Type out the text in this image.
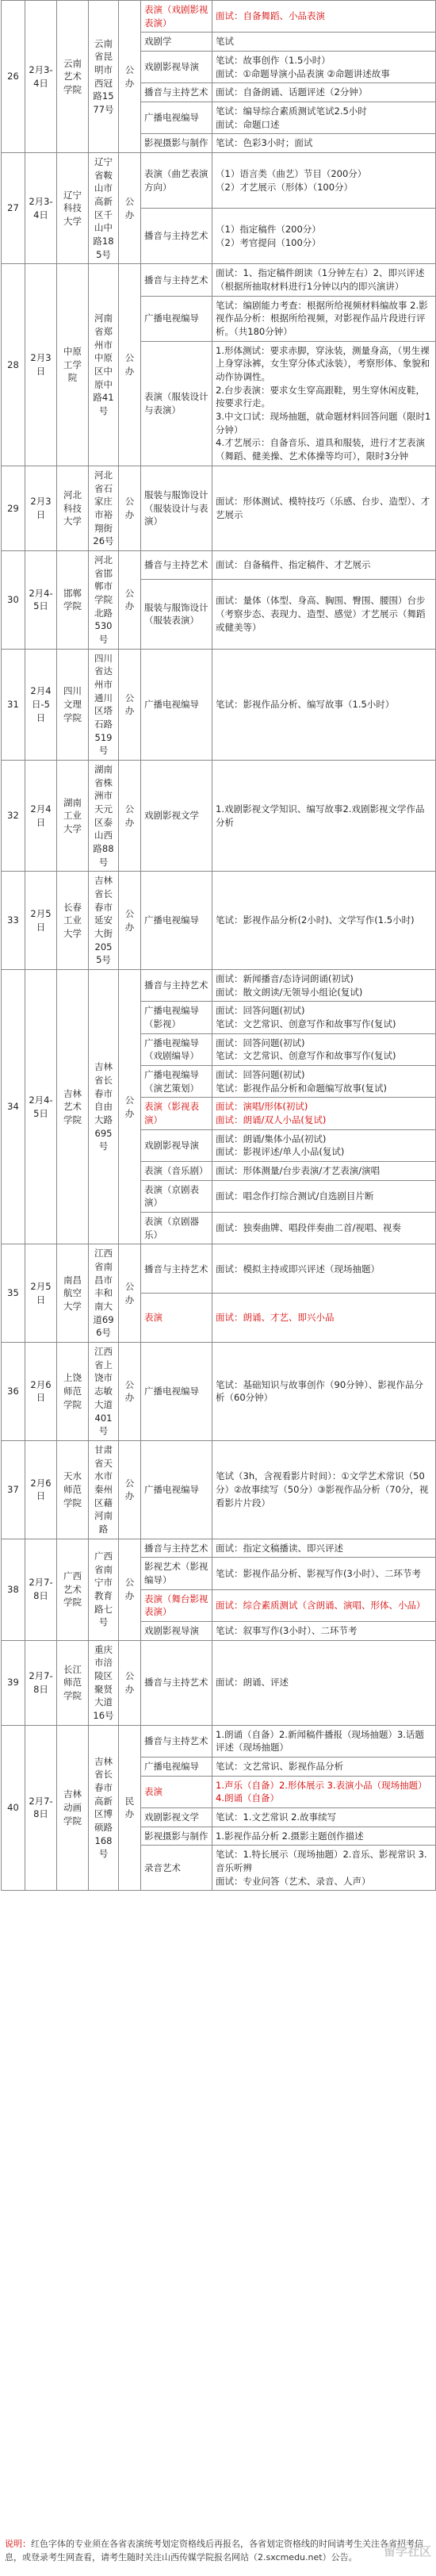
26	2月3-4日	云南艺术学院	云南省昆明市西冠路1577号	公办	表演（戏剧影视表演）	面试：自备舞蹈、小品表演

					戏剧学	笔试

					戏剧影视导演	笔试：故事创作（1.5小时）
面试：①命题导演小品表演 ②命题讲述故事

					播音与主持艺术	面试：自备朗诵、话题评述（2分钟）

					广播电视编导	笔试：编导综合素质测试笔试2.5小时
面试：命题口述

					影视摄影与制作	笔试：色彩3小时；面试

27	2月3-4日	辽宁科技大学	辽宁省鞍山市高新区千山中路185号	公办	表演（曲艺表演方向）	（1）语言类（曲艺）节目（200分）
（2）才艺展示（形体）（100分）

					播音与主持艺术	（1）指定稿件（200分）
（2）考官提问（100分）

28	2月3日	中原工学院	河南省郑州市中原区中原中路41号	公办	播音与主持艺术	面试：1、指定稿件朗读（1分钟左右）2、即兴评述（根据所抽取材料进行1分钟以内的即兴演讲）

					广播电视编导	笔试：编剧能力考查：根据所给视频材料编故事 2.影视作品分析：根据所给视频，对影视作品片段进行评析。（共180分钟）

					表演（服装设计与表演）	1.形体测试：要求赤脚，穿泳装，测量身高，（男生裸上身穿泳裤，女生穿分体式泳装），考察形体、象貌和动作协调性。
2.台步表演：要求女生穿高跟鞋，男生穿休闲皮鞋，按要求行走。
3.中文口试：现场抽题，就命题材料回答问题（限时1分钟）
4.才艺展示：自备音乐、道具和服装，进行才艺表演（舞蹈、健美操、艺术体操等均可），限时3分钟

29	2月3日	河北科技大学	河北省石家庄市裕翔街26号	公办	服装与服饰设计（服装设计与表演）	面试：形体测试、模特技巧（乐感、台步、造型）、才艺展示

30	2月4-5日	邯郸学院	河北省邯郸市学院北路530号	公办	播音与主持艺术	面试：自备稿件、指定稿件、才艺展示

					服装与服饰设计（服装表演）	面试：量体（体型、身高、胸围、臀围、腰围）台步（考察步态、表现力、造型、感觉）才艺展示（舞蹈或健美等）

31	2月4日-5日	四川文理学院	四川省达州市通川区塔石路519号	公办	广播电视编导	笔试：影视作品分析、编写故事（1.5小时）

32	2月4日	湖南工业大学	湖南省株洲市天元区泰山西路88号	公办	戏剧影视文学	1.戏剧影视文学知识、编写故事2.戏剧影视文学作品分析

33	2月5日	长春工业大学	吉林省长春市延安大街2055号	公办	广播电视编导	笔试：影视作品分析(2小时)、文学写作(1.5小时)

34	2月4-5日	吉林艺术学院	吉林省长春市自由大路695号	公办	播音与主持艺术	面试：新闻播音/态诗词朗诵(初试)
面试：散文朗读/无领导小组论(复试)

					广播电视编导（影视）	面试：回答问题(初试)
笔试：文艺常识、创意写作和故事写作(复试)

					广播电视编导（戏剧编导）	面试：回答问题(初试)
笔试：文艺常识、创意写作和故事写作(复试)

					广播电视编导（演艺策划）	面试：回答问题(初试)
笔试：影视作品分析和命题编写故事(复试)

					表演（影视表演）	面试：演唱/形体(初试)
面试：朗诵/双人小品(复试)

					戏剧影视导演	面试：朗诵/集体小品(初试)
面试：影视评述/单人小品(复试)

					表演（音乐剧）	面试：形体测量/台步表演/才艺表演/演唱

					表演（京剧表演）	面试：唱念作打综合测试/自选剧目片断

					表演（京剧器乐）	面试：独奏曲牌、唱段伴奏曲二首/视唱、视奏

35	2月5日	南昌航空大学	江西省南昌市丰和南大道696号	公办	播音与主持艺术	面试：模拟主持或即兴评述（现场抽题）

					表演	面试：朗诵、才艺、即兴小品

36	2月6日	上饶师范学院	江西省上饶市志敏大道401号	公办	广播电视编导	笔试：基础知识与故事创作（90分钟）、影视作品分析（60分钟）

37	2月6日	天水师范学院	甘肃省天水市秦州区藉河南路	公办	广播电视编导	笔试（3h，含视看影片时间）：①文学艺术常识（50分）②故事续写（50分）③影视作品分析（70分，视看影片片段）

38	2月7-8日	广西艺术学院	广西省南宁市教育路七号	公办	播音与主持艺术	面试：指定文稿播读、即兴评述

					影视艺术（影视编导）	笔试：影视作品分析、影视写作(3小时）、二环节考

					表演（舞台影视表演）	面试：综合素质测试（含朗诵、演唱、形体、小品）

					戏剧影视导演	笔试：叙事写作(3小时）、二环节考

39	2月7-8日	长江师范学院	重庆市涪陵区聚贤大道16号	公办	播音与主持艺术	面试：朗诵、评述

40	2月7-8日	吉林动画学院	吉林省长春市高新区博硕路168号	民办	播音与主持艺术	1.朗诵（自备）2.新闻稿件播报（现场抽题）3.话题评述（现场抽题）

					广播电视编导	笔试：文艺常识、影视作品分析

					表演	1.声乐（自备）2.形体展示 3.表演小品（现场抽题）4.朗诵（自备）

					戏剧影视文学	笔试：1.文艺常识 2.故事续写

					影视摄影与制作	1.影视作品分析 2.摄影主题创作描述

					录音艺术	笔试：1.特长展示（现场抽题）2.音乐、影视常识 3.音乐听辨
面试：专业问答（艺术、录音、人声）
说明：红色字体的专业须在各省表演统考划定资格线后再报名，各省划定资格线的时间请考生关注各省招考信息，或登录考生网查看，请考生随时关注山西传媒学院报名网站（2.sxcmedu.net）公告。	留学社区
